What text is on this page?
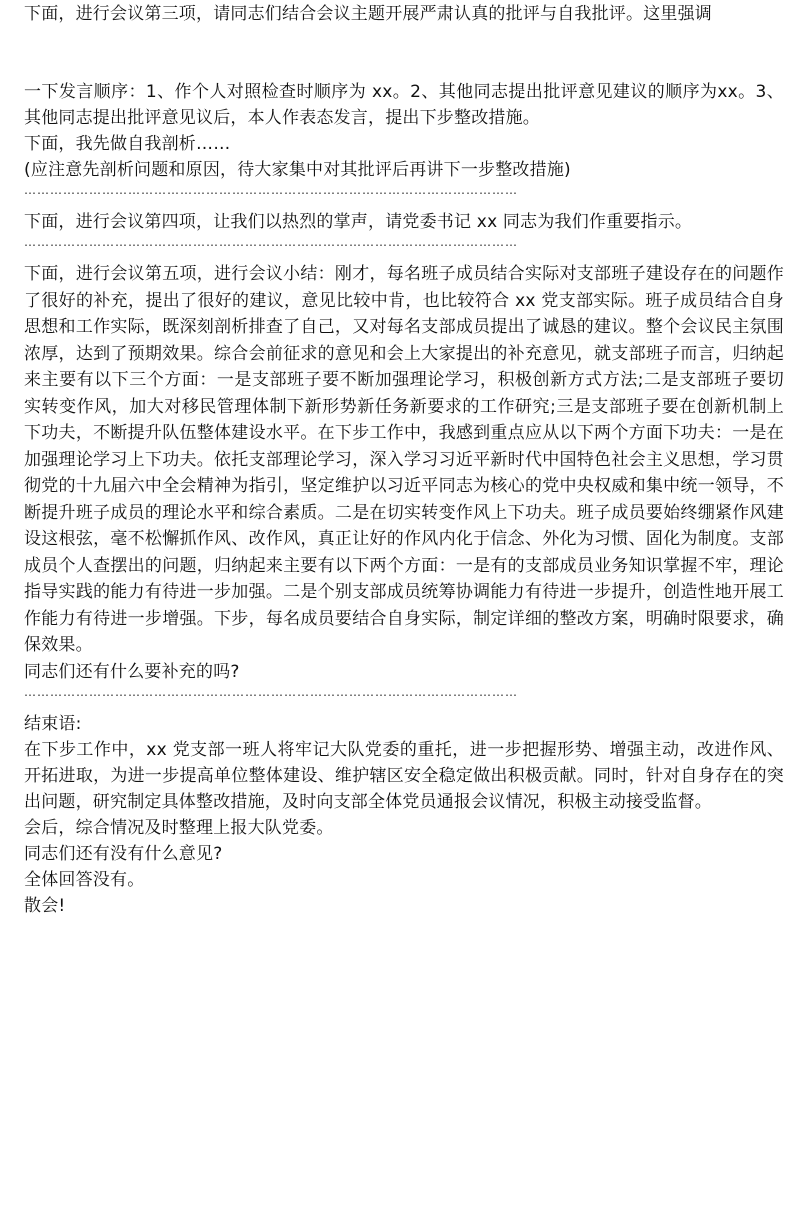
下面，进行会议第三项，请同志们结合会议主题开展严肃认真的批评与自我批评。这里强调

一下发言顺序：1、作个人对照检查时顺序为 xx。2、其他同志提出批评意见建议的顺序为xx。3、其他同志提出批评意见议后，本人作表态发言，提出下步整改措施。

下面，我先做自我剖析……

(应注意先剖析问题和原因，待大家集中对其批评后再讲下一步整改措施)

……………………………………………………………………………………………………

下面，进行会议第四项，让我们以热烈的掌声，请党委书记 xx 同志为我们作重要指示。

……………………………………………………………………………………………………

下面，进行会议第五项，进行会议小结：刚才，每名班子成员结合实际对支部班子建设存在的问题作了很好的补充，提出了很好的建议，意见比较中肯，也比较符合 xx 党支部实际。班子成员结合自身思想和工作实际，既深刻剖析排查了自己，又对每名支部成员提出了诚恳的建议。整个会议民主氛围浓厚，达到了预期效果。综合会前征求的意见和会上大家提出的补充意见，就支部班子而言，归纳起来主要有以下三个方面：一是支部班子要不断加强理论学习，积极创新方式方法;二是支部班子要切实转变作风，加大对移民管理体制下新形势新任务新要求的工作研究;三是支部班子要在创新机制上下功夫，不断提升队伍整体建设水平。在下步工作中，我感到重点应从以下两个方面下功夫：一是在加强理论学习上下功夫。依托支部理论学习，深入学习习近平新时代中国特色社会主义思想，学习贯彻党的十九届六中全会精神为指引，坚定维护以习近平同志为核心的党中央权威和集中统一领导，不断提升班子成员的理论水平和综合素质。二是在切实转变作风上下功夫。班子成员要始终绷紧作风建设这根弦，毫不松懈抓作风、改作风，真正让好的作风内化于信念、外化为习惯、固化为制度。支部成员个人查摆出的问题，归纳起来主要有以下两个方面：一是有的支部成员业务知识掌握不牢，理论指导实践的能力有待进一步加强。二是个别支部成员统筹协调能力有待进一步提升，创造性地开展工作能力有待进一步增强。下步，每名成员要结合自身实际，制定详细的整改方案，明确时限要求，确保效果。

同志们还有什么要补充的吗?

……………………………………………………………………………………………………

结束语:

在下步工作中，xx 党支部一班人将牢记大队党委的重托，进一步把握形势、增强主动，改进作风、开拓进取，为进一步提高单位整体建设、维护辖区安全稳定做出积极贡献。同时，针对自身存在的突出问题，研究制定具体整改措施，及时向支部全体党员通报会议情况，积极主动接受监督。

会后，综合情况及时整理上报大队党委。

同志们还有没有什么意见?

全体回答没有。

散会!
